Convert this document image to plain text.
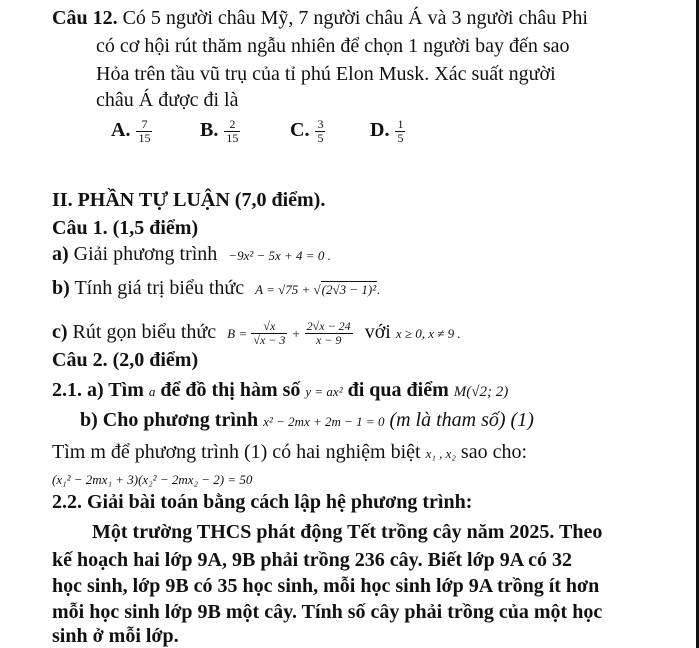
Câu 12. Có 5 người châu Mỹ, 7 người châu Á và 3 người châu Phi
có cơ hội rút thăm ngẫu nhiên để chọn 1 người bay đến sao
Hỏa trên tầu vũ trụ của tỉ phú Elon Musk. Xác suất người
châu Á được đi là
A. $\frac{7}{15} B$. $\frac{2}{15} C$. $\frac{3}{5} D$. $\frac{1}{5}$
II. PHẦN TỰ LUẬN (7,0 điểm).
Câu 1. (1,5 điểm)
a) Giải phương trình −9x² − 5x + 4 = 0 .
b) Tính giá trị biểu thức A = √75 + √(2√3 − 1)².
c) Rút gọn biểu thức $B = \frac{√x}{√x - 3} + \frac{2√x - 24}{x - 9}$ với x ≥ 0, x ≠ 9 .
Câu 2. (2,0 điểm)
2.1. a) Tìm a để đồ thị hàm số y = ax² đi qua điểm M(√2; 2)
b) Cho phương trình x² − 2mx + 2m − 1 = 0 (m là tham số) (1)
Tìm m để phương trình (1) có hai nghiệm biệt x₁ , x₂ sao cho:
(x₁² − 2mx₁ + 3)(x₂² − 2mx₂ − 2) = 50
2.2. Giải bài toán bằng cách lập hệ phương trình:
Một trường THCS phát động Tết trồng cây năm 2025. Theo
kế hoạch hai lớp 9A, 9B phải trồng 236 cây. Biết lớp 9A có 32
học sinh, lớp 9B có 35 học sinh, mỗi học sinh lớp 9A trồng ít hơn
mỗi học sinh lớp 9B một cây. Tính số cây phải trồng của một học
sinh ở mỗi lớp.
